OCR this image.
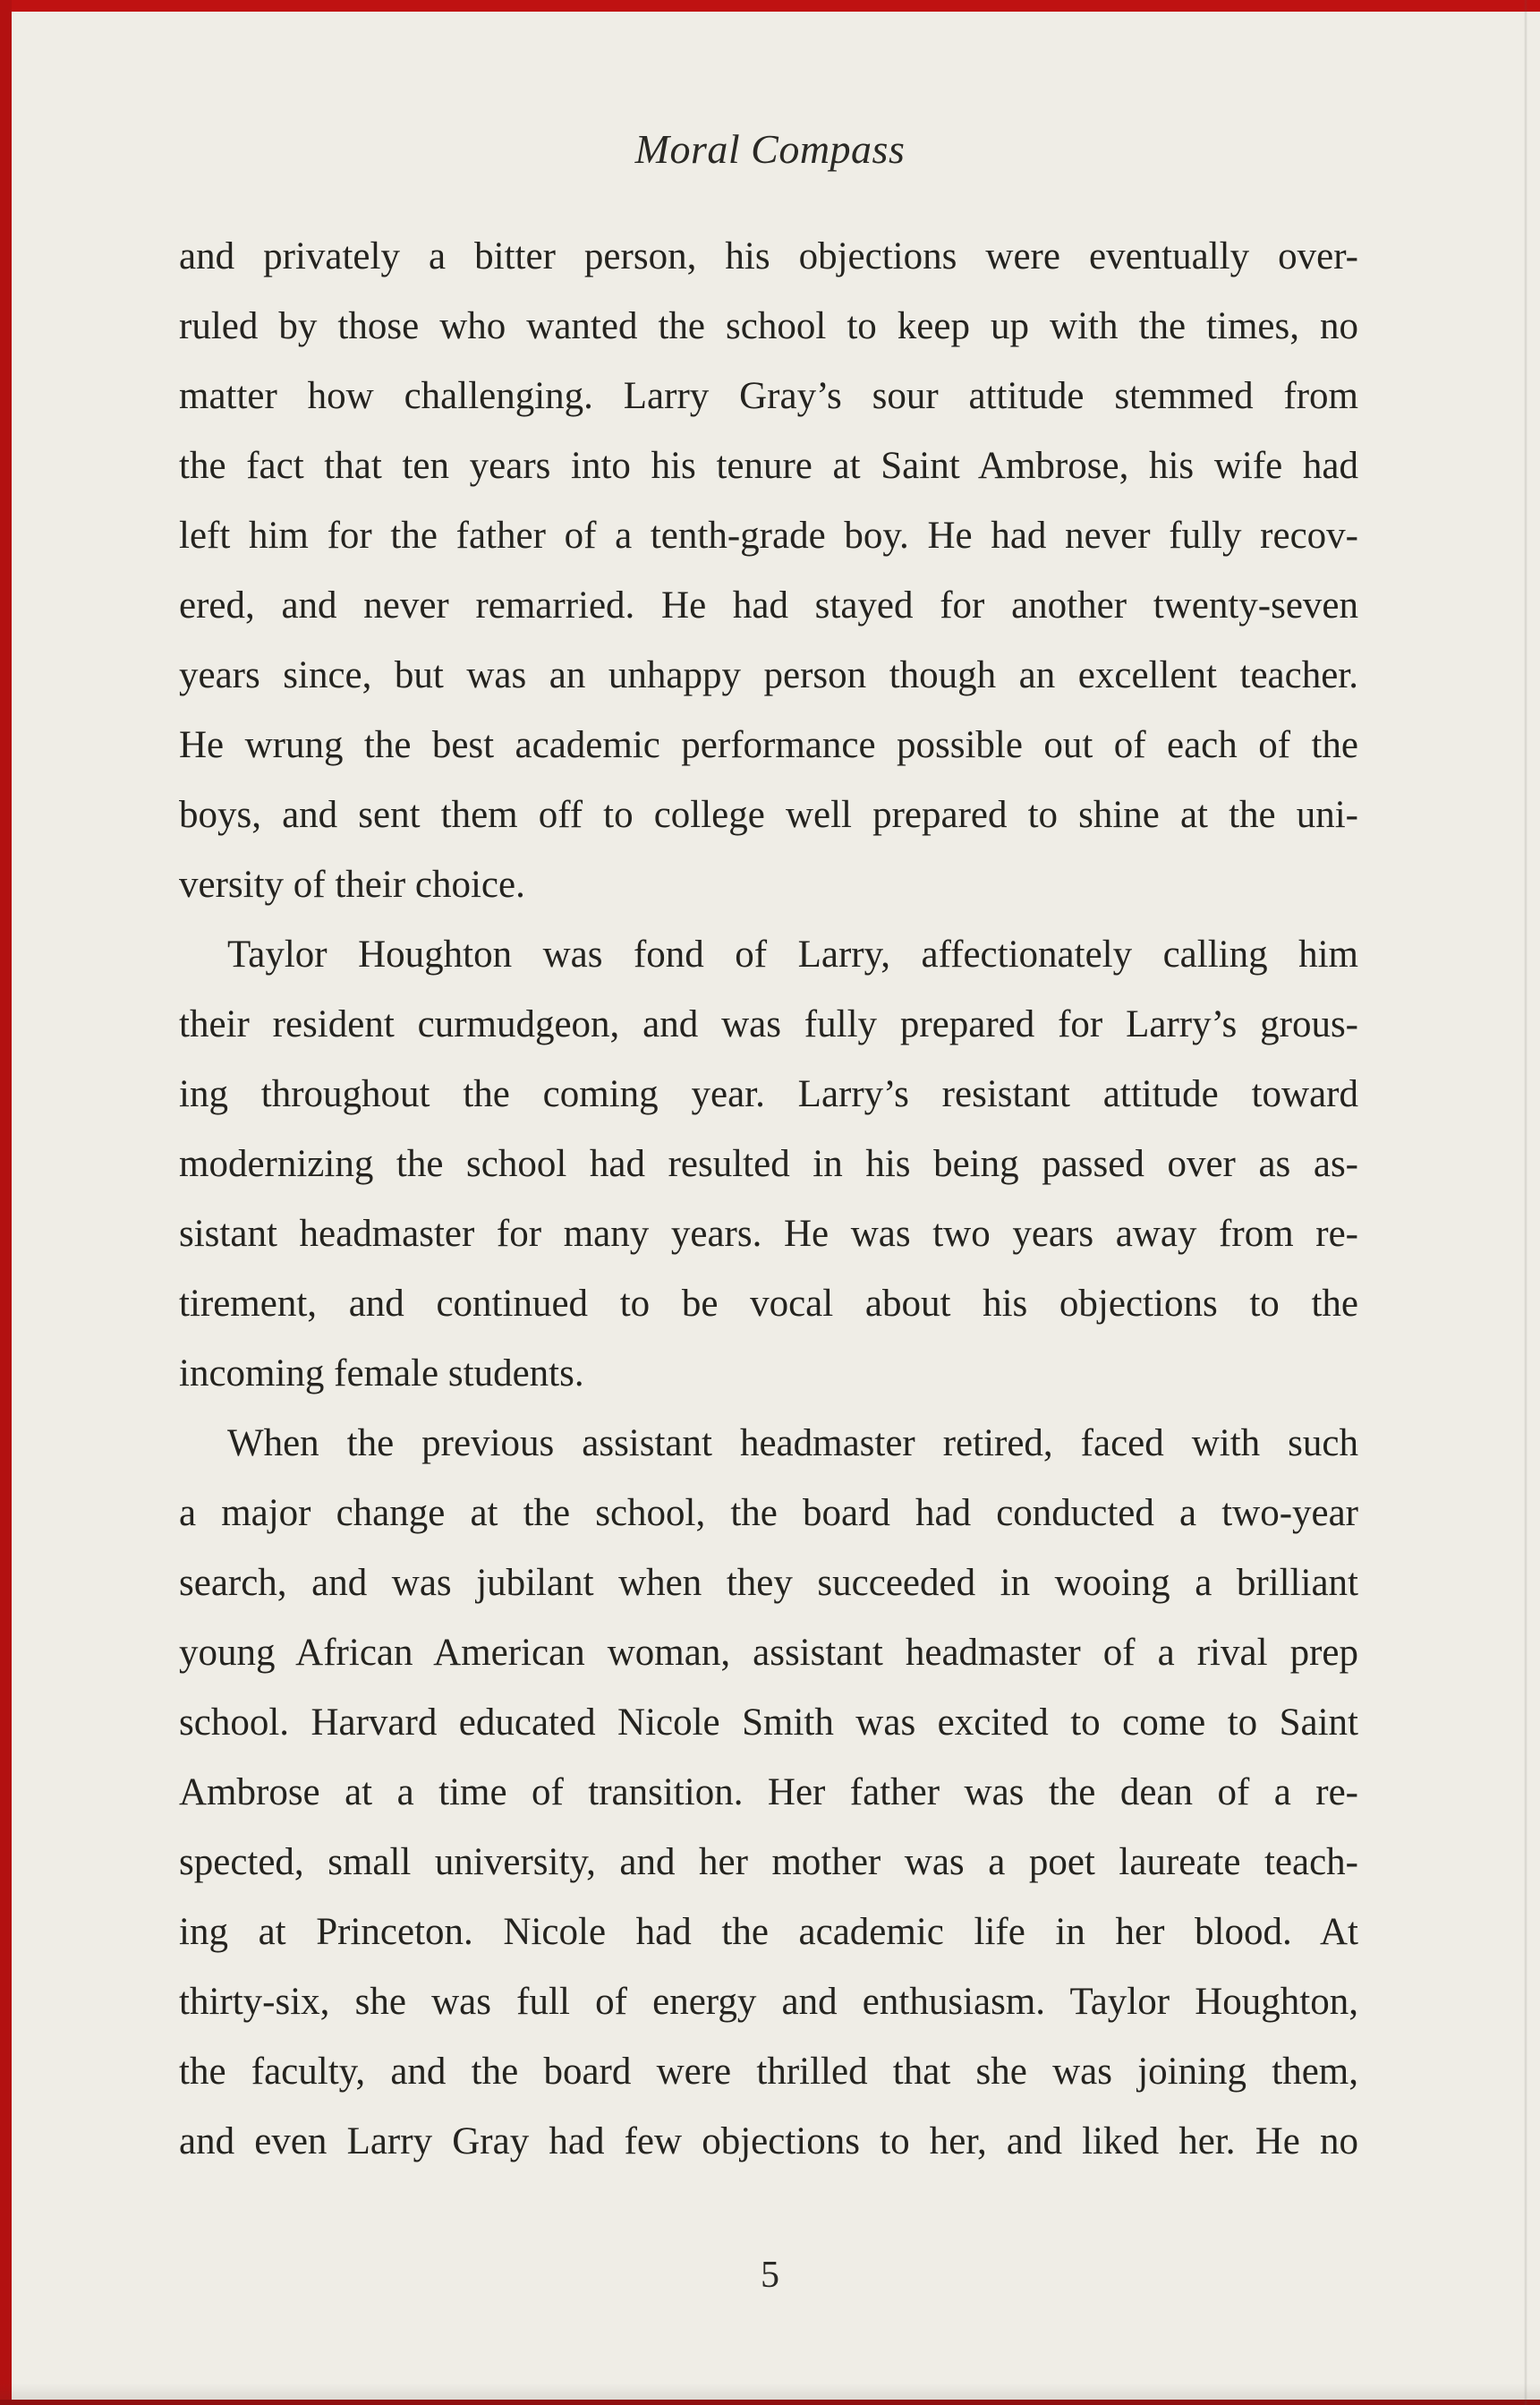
Moral Compass
and privately a bitter person, his objections were eventually over-
ruled by those who wanted the school to keep up with the times, no
matter how challenging. Larry Gray’s sour attitude stemmed from
the fact that ten years into his tenure at Saint Ambrose, his wife had
left him for the father of a tenth-grade boy. He had never fully recov-
ered, and never remarried. He had stayed for another twenty-seven
years since, but was an unhappy person though an excellent teacher.
He wrung the best academic performance possible out of each of the
boys, and sent them off to college well prepared to shine at the uni-
versity of their choice.
Taylor Houghton was fond of Larry, affectionately calling him
their resident curmudgeon, and was fully prepared for Larry’s grous-
ing throughout the coming year. Larry’s resistant attitude toward
modernizing the school had resulted in his being passed over as as-
sistant headmaster for many years. He was two years away from re-
tirement, and continued to be vocal about his objections to the
incoming female students.
When the previous assistant headmaster retired, faced with such
a major change at the school, the board had conducted a two-year
search, and was jubilant when they succeeded in wooing a brilliant
young African American woman, assistant headmaster of a rival prep
school. Harvard educated Nicole Smith was excited to come to Saint
Ambrose at a time of transition. Her father was the dean of a re-
spected, small university, and her mother was a poet laureate teach-
ing at Princeton. Nicole had the academic life in her blood. At
thirty-six, she was full of energy and enthusiasm. Taylor Houghton,
the faculty, and the board were thrilled that she was joining them,
and even Larry Gray had few objections to her, and liked her. He no
5
